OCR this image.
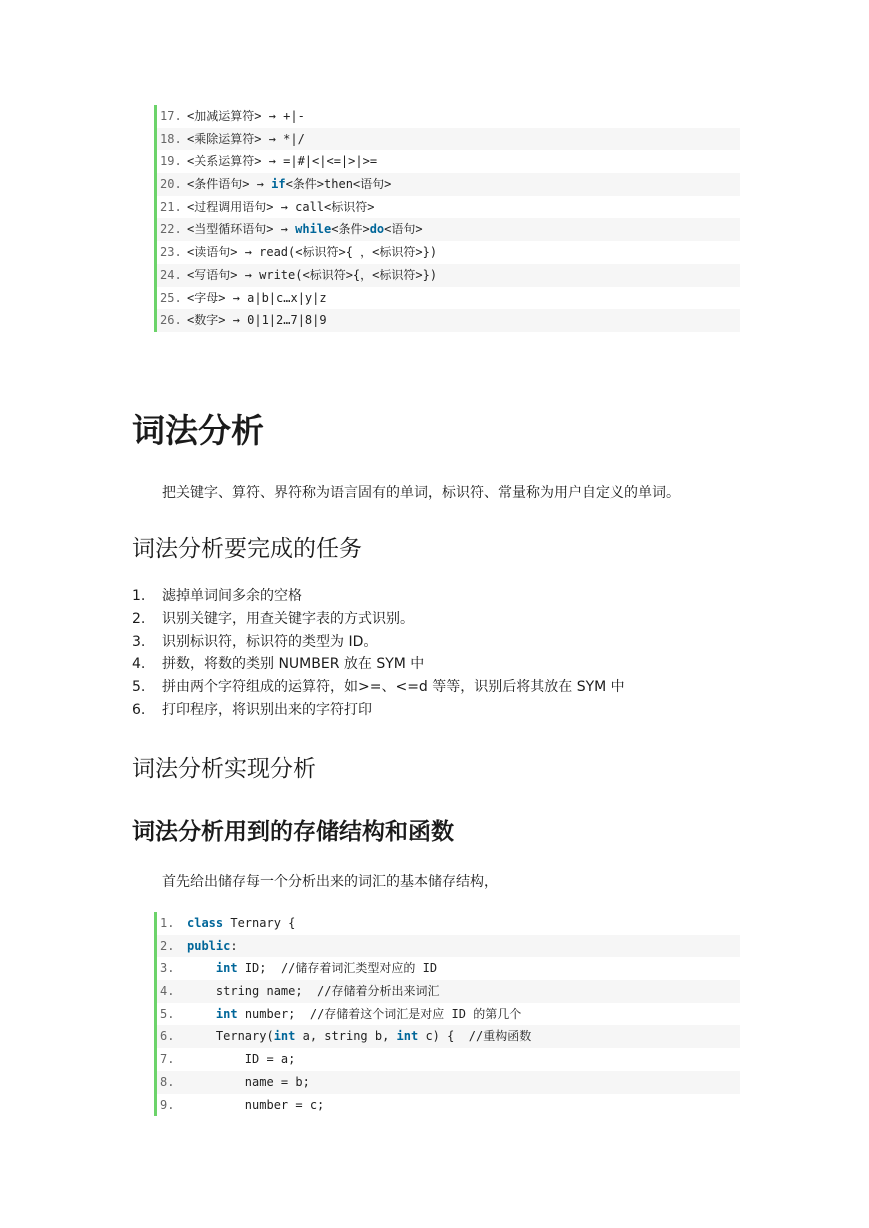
17. <加减运算符> → +|-
18. <乘除运算符> → *|/
19. <关系运算符> → =|#|<|<=|>|>=
20. <条件语句> → if<条件>then<语句>
21. <过程调用语句> → call<标识符>
22. <当型循环语句> → while<条件>do<语句>
23. <读语句> → read(<标识符>{ ，<标识符>})
24. <写语句> → write(<标识符>{，<标识符>})
25. <字母> → a|b|c…x|y|z
26. <数字> → 0|1|2…7|8|9
词法分析

把关键字、算符、界符称为语言固有的单词，标识符、常量称为用户自定义的单词。

词法分析要完成的任务
1.	滤掉单词间多余的空格
2.	识别关键字，用查关键字表的方式识别。
3.	识别标识符，标识符的类型为 ID。
4.	拼数，将数的类别 NUMBER 放在 SYM 中
5.	拼由两个字符组成的运算符，如>=、<=d 等等，识别后将其放在 SYM 中
6.	打印程序，将识别出来的字符打印
词法分析实现分析
词法分析用到的存储结构和函数

首先给出储存每一个分析出来的词汇的基本储存结构，

1.	class Ternary {
2.	public:
3.	int ID;  //储存着词汇类型对应的 ID
4.	string name;  //存储着分析出来词汇
5.	int number;  //存储着这个词汇是对应 ID 的第几个
6.	Ternary(int a, string b, int c) {  //重构函数
7.	ID = a;
8.	name = b;
9.	number = c;
